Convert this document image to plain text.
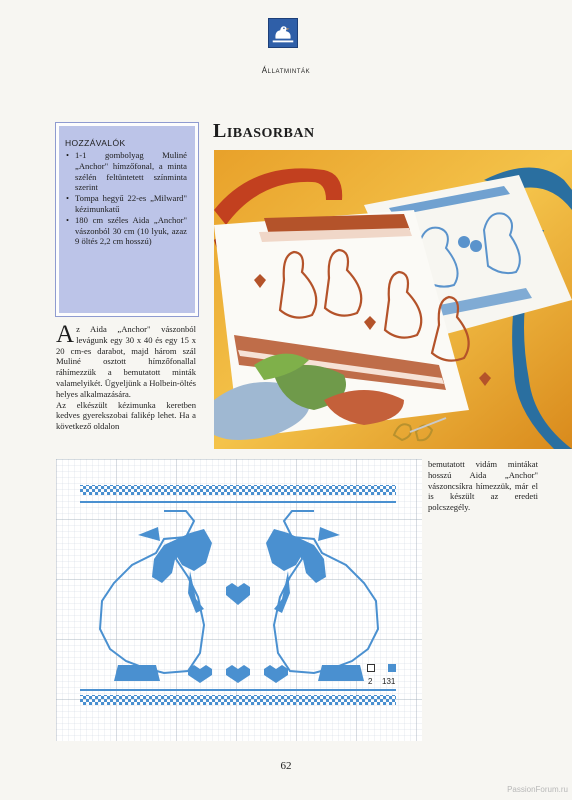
Állatminták
Libasorban
HOZZÁVALÓK
• 1-1 gombolyag Muliné „Anchor" hímzőfonal, a minta szélén feltüntetett színminta szerint
• Tompa hegyű 22-es „Milward" kézimunkatű
• 180 cm széles Aida „Anchor" vászonból 30 cm (10 lyuk, azaz 9 öltés 2,2 cm hosszú)

Az Aida „Anchor" vászonból levágunk egy 30 x 40 és egy 15 x 20 cm-es darabot, majd három szál Muliné osztott hímzőfonallal ráhímezzük a bemutatott minták valamelyikét. Ügyeljünk a Holbein-öltés helyes alkalmazására.

Az elkészült kézimunka keretben kedves gyerekszobai falikép lehet. Ha a következő oldalon

bemutatott vidám mintákat hosszú Aida „Anchor" vászoncsíkra hímezzük, már el is készült az eredeti polcszegély.

2 131
62
PassionForum.ru
